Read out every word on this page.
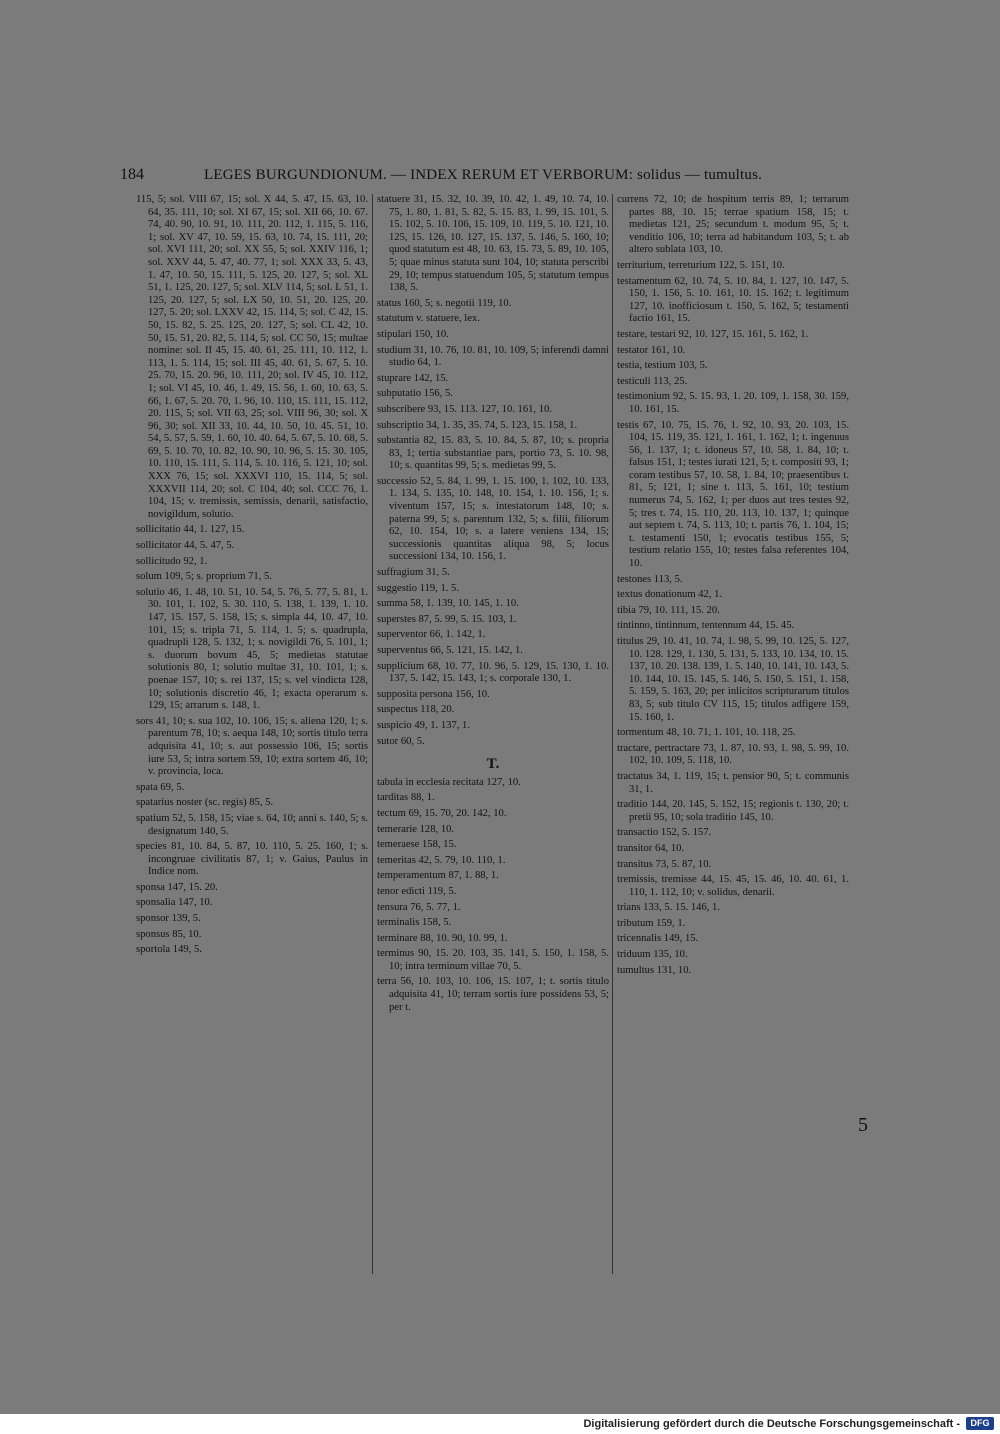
184	LEGES BURGUNDIONUM. — INDEX RERUM ET VERBORUM: solidus — tumultus.
115, 5; sol. VIII 67, 15; sol. X 44, 5. 47, 15. 63, 10. 64, 35. 111, 10; sol. XI 67, 15; sol. XII 66, 10. 67. 74, 40. 90, 10. 91, 10. 111, 20. 112, 1. 115, 5. 116, 1; sol. XV 47, 10. 59, 15. 63, 10. 74, 15. 111, 20; sol. XVI 111, 20; sol. XX 55, 5; sol. XXIV 116, 1; sol. XXV 44, 5. 47, 40. 77, 1; sol. XXX 33, 5. 43, 1. 47, 10. 50, 15. 111, 5. 125, 20. 127, 5; sol. XL 51, 1. 125, 20. 127, 5; sol. XLV 114, 5; sol. L 51, 1. 125, 20. 127, 5; sol. LX 50, 10. 51, 20. 125, 20. 127, 5. 20; sol. LXXV 42, 15. 114, 5; sol. C 42, 15. 50, 15. 82, 5. 25. 125, 20. 127, 5; sol. CL 42, 10. 50, 15. 51, 20. 82, 5. 114, 5; sol. CC 50, 15; multae nomine: sol. II 45, 15. 40. 61, 25. 111, 10. 112, 1. 113, 1. 5. 114, 15; sol. III 45, 40. 61, 5. 67, 5. 10. 25. 70, 15. 20. 96, 10. 111, 20; sol. IV 45, 10. 112, 1; sol. VI 45, 10. 46, 1. 49, 15. 56, 1. 60, 10. 63, 5. 66, 1. 67, 5. 20. 70, 1. 96, 10. 110, 15. 111, 15. 112, 20. 115, 5; sol. VII 63, 25; sol. VIII 96, 30; sol. X 96, 30; sol. XII 33, 10. 44, 10. 50, 10. 45. 51, 10. 54, 5. 57, 5. 59, 1. 60, 10. 40. 64, 5. 67, 5. 10. 68, 5. 69, 5. 10. 70, 10. 82, 10. 90, 10. 96, 5. 15. 30. 105, 10. 110, 15. 111, 5. 114, 5. 10. 116, 5. 121, 10; sol. XXX 76, 15; sol. XXXVI 110, 15. 114, 5; sol. XXXVII 114, 20; sol. C 104, 40; sol. CCC 76, 1. 104, 15; v. tremissis, semissis, denarii, satisfactio, novigildum, solutio.
sollicitatio 44, 1. 127, 15.
sollicitator 44, 5. 47, 5.
sollicitudo 92, 1.
solum 109, 5; s. proprium 71, 5.
solutio 46, 1. 48, 10. 51, 10. 54, 5. 76, 5. 77, 5. 81, 1. 30. 101, 1. 102, 5. 30. 110, 5. 138, 1. 139, 1. 10. 147, 15. 157, 5. 158, 15; s. simpla 44, 10. 47, 10. 101, 15; s. tripla 71, 5. 114, 1. 5; s. quadrupla, quadrupli 128, 5. 132, 1; s. novigildi 76, 5. 101, 1; s. duorum bovum 45, 5; medietas statutae solutionis 80, 1; solutio multae 31, 10. 101, 1; s. poenae 157, 10; s. rei 137, 15; s. vel vindicta 128, 10; solutionis discretio 46, 1; exacta operarum s. 129, 15; arrarum s. 148, 1.
sors 41, 10; s. sua 102, 10. 106, 15; s. aliena 120, 1; s. parentum 78, 10; s. aequa 148, 10; sortis titulo terra adquisita 41, 10; s. aut possessio 106, 15; sortis iure 53, 5; intra sortem 59, 10; extra sortem 46, 10; v. provincia, loca.
spata 69, 5.
spatarius noster (sc. regis) 85, 5.
spatium 52, 5. 158, 15; viae s. 64, 10; anni s. 140, 5; s. designatum 140, 5.
species 81, 10. 84, 5. 87, 10. 110, 5. 25. 160, 1; s. incongruae civilitatis 87, 1; v. Gaius, Paulus in Indice nom.
sponsa 147, 15. 20.
sponsalia 147, 10.
sponsor 139, 5.
sponsus 85, 10.
sportola 149, 5.
statuere 31, 15. 32, 10. 39, 10. 42, 1. 49, 10. 74, 10. 75, 1. 80, 1. 81, 5. 82, 5. 15. 83, 1. 99, 15. 101, 5. 15. 102, 5. 10. 106, 15. 109, 10. 119, 5. 10. 121, 10. 125, 15. 126, 10. 127, 15. 137, 5. 146, 5. 160, 10; quod statutum est 48, 10. 63, 15. 73, 5. 89, 10. 105, 5; quae minus statuta sunt 104, 10; statuta perscribi 29, 10; tempus statuendum 105, 5; statutum tempus 138, 5.
status 160, 5; s. negotii 119, 10.
statutum v. statuere, lex.
stipulari 150, 10.
studium 31, 10. 76, 10. 81, 10. 109, 5; inferendi damni studio 64, 1.
stuprare 142, 15.
subputatio 156, 5.
subscribere 93, 15. 113. 127, 10. 161, 10.
subscriptio 34, 1. 35, 35. 74, 5. 123, 15. 158, 1.
substantia 82, 15. 83, 5. 10. 84, 5. 87, 10; s. propria 83, 1; tertia substantiae pars, portio 73, 5. 10. 98, 10; s. quantitas 99, 5; s. medietas 99, 5.
successio 52, 5. 84, 1. 99, 1. 15. 100, 1. 102, 10. 133, 1. 134, 5. 135, 10. 148, 10. 154, 1. 10. 156, 1; s. viventum 157, 15; s. intestatorum 148, 10; s. paterna 99, 5; s. parentum 132, 5; s. filii, filiorum 62, 10. 154, 10; s. a latere veniens 134, 15; successionis quantitas aliqua 98, 5; locus successioni 134, 10. 156, 1.
suffragium 31, 5.
suggestio 119, 1. 5.
summa 58, 1. 139, 10. 145, 1. 10.
superstes 87, 5. 99, 5. 15. 103, 1.
superventor 66, 1. 142, 1.
superventus 66, 5. 121, 15. 142, 1.
supplicium 68, 10. 77, 10. 96, 5. 129, 15. 130, 1. 10. 137, 5. 142, 15. 143, 1; s. corporale 130, 1.
supposita persona 156, 10.
suspectus 118, 20.
suspicio 49, 1. 137, 1.
sutor 60, 5.
T.
tabula in ecclesia recitata 127, 10.
tarditas 88, 1.
tectum 69, 15. 70, 20. 142, 10.
temerarie 128, 10.
temeraese 158, 15.
temeritas 42, 5. 79, 10. 110, 1.
temperamentum 87, 1. 88, 1.
tenor edicti 119, 5.
tensura 76, 5. 77, 1.
terminalis 158, 5.
terminare 88, 10. 90, 10. 99, 1.
terminus 90, 15. 20. 103, 35. 141, 5. 150, 1. 158, 5. 10; intra terminum villae 70, 5.
terra 56, 10. 103, 10. 106, 15. 107, 1; t. sortis titulo adquisita 41, 10; terram sortis iure possidens 53, 5; per t.
currens 72, 10; de hospitum terris 89, 1; terrarum partes 88, 10. 15; terrae spatium 158, 15; t. medietas 121, 25; secundum t. modum 95, 5; t. venditio 106, 10; terra ad habitandum 103, 5; t. ab altero sublata 103, 10.
territurium, terreturium 122, 5. 151, 10.
testamentum 62, 10. 74, 5. 10. 84, 1. 127, 10. 147, 5. 150, 1. 156, 5. 10. 161, 10. 15. 162; t. legitimum 127, 10. inofficiosum t. 150, 5. 162, 5; testamenti factio 161, 15.
testare, testari 92, 10. 127, 15. 161, 5. 162, 1.
testator 161, 10.
testia, testium 103, 5.
testiculi 113, 25.
testimonium 92, 5. 15. 93, 1. 20. 109, 1. 158, 30. 159, 10. 161, 15.
testis 67, 10. 75, 15. 76, 1. 92, 10. 93, 20. 103, 15. 104, 15. 119, 35. 121, 1. 161, 1. 162, 1; t. ingenuus 56, 1. 137, 1; t. idoneus 57, 10. 58, 1. 84, 10; t. falsus 151, 1; testes iurati 121, 5; t. compositi 93, 1; coram testibus 57, 10. 58, 1. 84, 10; praesentibus t. 81, 5; 121, 1; sine t. 113, 5. 161, 10; testium numerus 74, 5. 162, 1; per duos aut tres testes 92, 5; tres t. 74, 15. 110, 20. 113, 10. 137, 1; quinque aut septem t. 74, 5. 113, 10; t. partis 76, 1. 104, 15; t. testamenti 150, 1; evocatis testibus 155, 5; testium relatio 155, 10; testes falsa referentes 104, 10.
testones 113, 5.
textus donationum 42, 1.
tibia 79, 10. 111, 15. 20.
tintinno, tintinnum, tentennum 44, 15. 45.
titulus 29, 10. 41, 10. 74, 1. 98, 5. 99, 10. 125, 5. 127, 10. 128. 129, 1. 130, 5. 131, 5. 133, 10. 134, 10. 15. 137, 10. 20. 138. 139, 1. 5. 140, 10. 141, 10. 143, 5. 10. 144, 10. 15. 145, 5. 146, 5. 150, 5. 151, 1. 158, 5. 159, 5. 163, 20; per inlicitos scripturarum titulos 83, 5; sub titulo CV 115, 15; titulos adfigere 159, 15. 160, 1.
tormentum 48, 10. 71, 1. 101, 10. 118, 25.
tractare, pertractare 73, 1. 87, 10. 93, 1. 98, 5. 99, 10. 102, 10. 109, 5. 118, 10.
tractatus 34, 1. 119, 15; t. pensior 90, 5; t. communis 31, 1.
traditio 144, 20. 145, 5. 152, 15; regionis t. 130, 20; t. pretii 95, 10; sola traditio 145, 10.
transactio 152, 5. 157.
transitor 64, 10.
transitus 73, 5. 87, 10.
tremissis, tremisse 44, 15. 45, 15. 46, 10. 40. 61, 1. 110, 1. 112, 10; v. solidus, denarii.
trians 133, 5. 15. 146, 1.
tributum 159, 1.
tricennalis 149, 15.
triduum 135, 10.
tumultus 131, 10.
5
Digitalisierung gefördert durch die Deutsche Forschungsgemeinschaft -	DFG
